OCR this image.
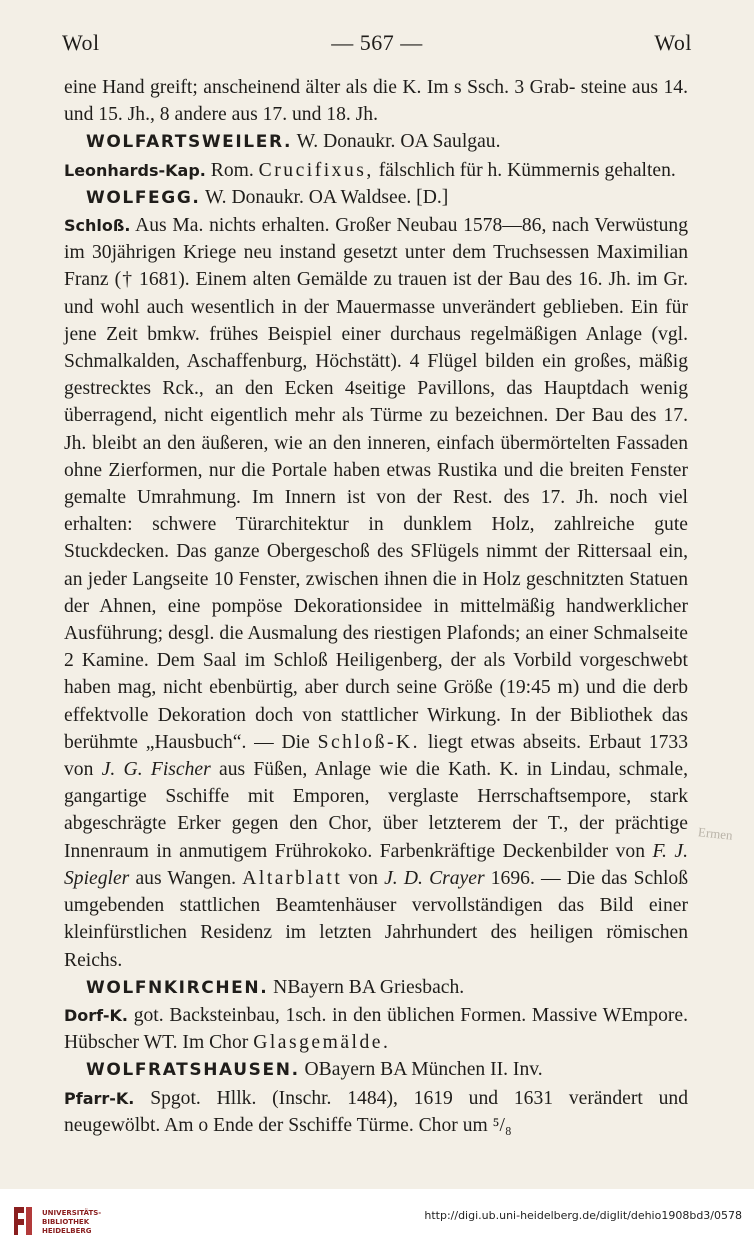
Wol	— 567 —	Wol

eine Hand greift; anscheinend älter als die K. Im s Ssch. 3 Grab- steine aus 14. und 15. Jh., 8 andere aus 17. und 18. Jh.

WOLFARTSWEILER. W. Donaukr. OA Saulgau.

Leonhards-Kap. Rom. Crucifixus, fälschlich für h. Kümmernis gehalten.

WOLFEGG. W. Donaukr. OA Waldsee. [D.]

Schloß. Aus Ma. nichts erhalten. Großer Neubau 1578—86, nach Verwüstung im 30jährigen Kriege neu instand gesetzt unter dem Truchsessen Maximilian Franz († 1681). Einem alten Gemälde zu trauen ist der Bau des 16. Jh. im Gr. und wohl auch wesentlich in der Mauermasse unverändert geblieben. Ein für jene Zeit bmkw. frühes Beispiel einer durchaus regelmäßigen Anlage (vgl. Schmalkalden, Aschaffenburg, Höchstätt). 4 Flügel bilden ein großes, mäßig gestrecktes Rck., an den Ecken 4seitige Pavillons, das Hauptdach wenig überragend, nicht eigentlich mehr als Türme zu bezeichnen. Der Bau des 17. Jh. bleibt an den äußeren, wie an den inneren, einfach übermörtelten Fassaden ohne Zierformen, nur die Portale haben etwas Rustika und die breiten Fenster gemalte Umrahmung. Im Innern ist von der Rest. des 17. Jh. noch viel erhalten: schwere Türarchitektur in dunklem Holz, zahlreiche gute Stuckdecken. Das ganze Obergeschoß des SFlügels nimmt der Rittersaal ein, an jeder Langseite 10 Fenster, zwischen ihnen die in Holz geschnitzten Statuen der Ahnen, eine pompöse Dekorationsidee in mittelmäßig handwerklicher Ausführung; desgl. die Ausmalung des riestigen Plafonds; an einer Schmalseite 2 Kamine. Dem Saal im Schloß Heiligenberg, der als Vorbild vorgeschwebt haben mag, nicht ebenbürtig, aber durch seine Größe (19:45 m) und die derb effektvolle Dekoration doch von stattlicher Wirkung. In der Bibliothek das berühmte „Hausbuch“. — Die Schloß-K. liegt etwas abseits. Erbaut 1733 von J. G. Fischer aus Füßen, Anlage wie die Kath. K. in Lindau, schmale, gangartige Sschiffe mit Emporen, verglaste Herrschaftsempore, stark abgeschrägte Erker gegen den Chor, über letzterem der T., der prächtige Innenraum in anmutigem Frührokoko. Farbenkräftige Deckenbilder von F. J. Spiegler aus Wangen. Altarblatt von J. D. Crayer 1696. — Die das Schloß umgebenden stattlichen Beamtenhäuser vervollständigen das Bild einer kleinfürstlichen Residenz im letzten Jahrhundert des heiligen römischen Reichs.

WOLFNKIRCHEN. NBayern BA Griesbach.

Dorf-K. got. Backsteinbau, 1sch. in den üblichen Formen. Massive WEmpore. Hübscher WT. Im Chor Glasgemälde.

WOLFRATSHAUSEN. OBayern BA München II. Inv.

Pfarr-K. Spgot. Hllk. (Inschr. 1484), 1619 und 1631 verändert und neugewölbt. Am o Ende der Sschiffe Türme. Chor um ⁵/₈

Ermen
UNIVERSITÄTS-
BIBLIOTHEK
HEIDELBERG
http://digi.ub.uni-heidelberg.de/diglit/dehio1908bd3/0578
